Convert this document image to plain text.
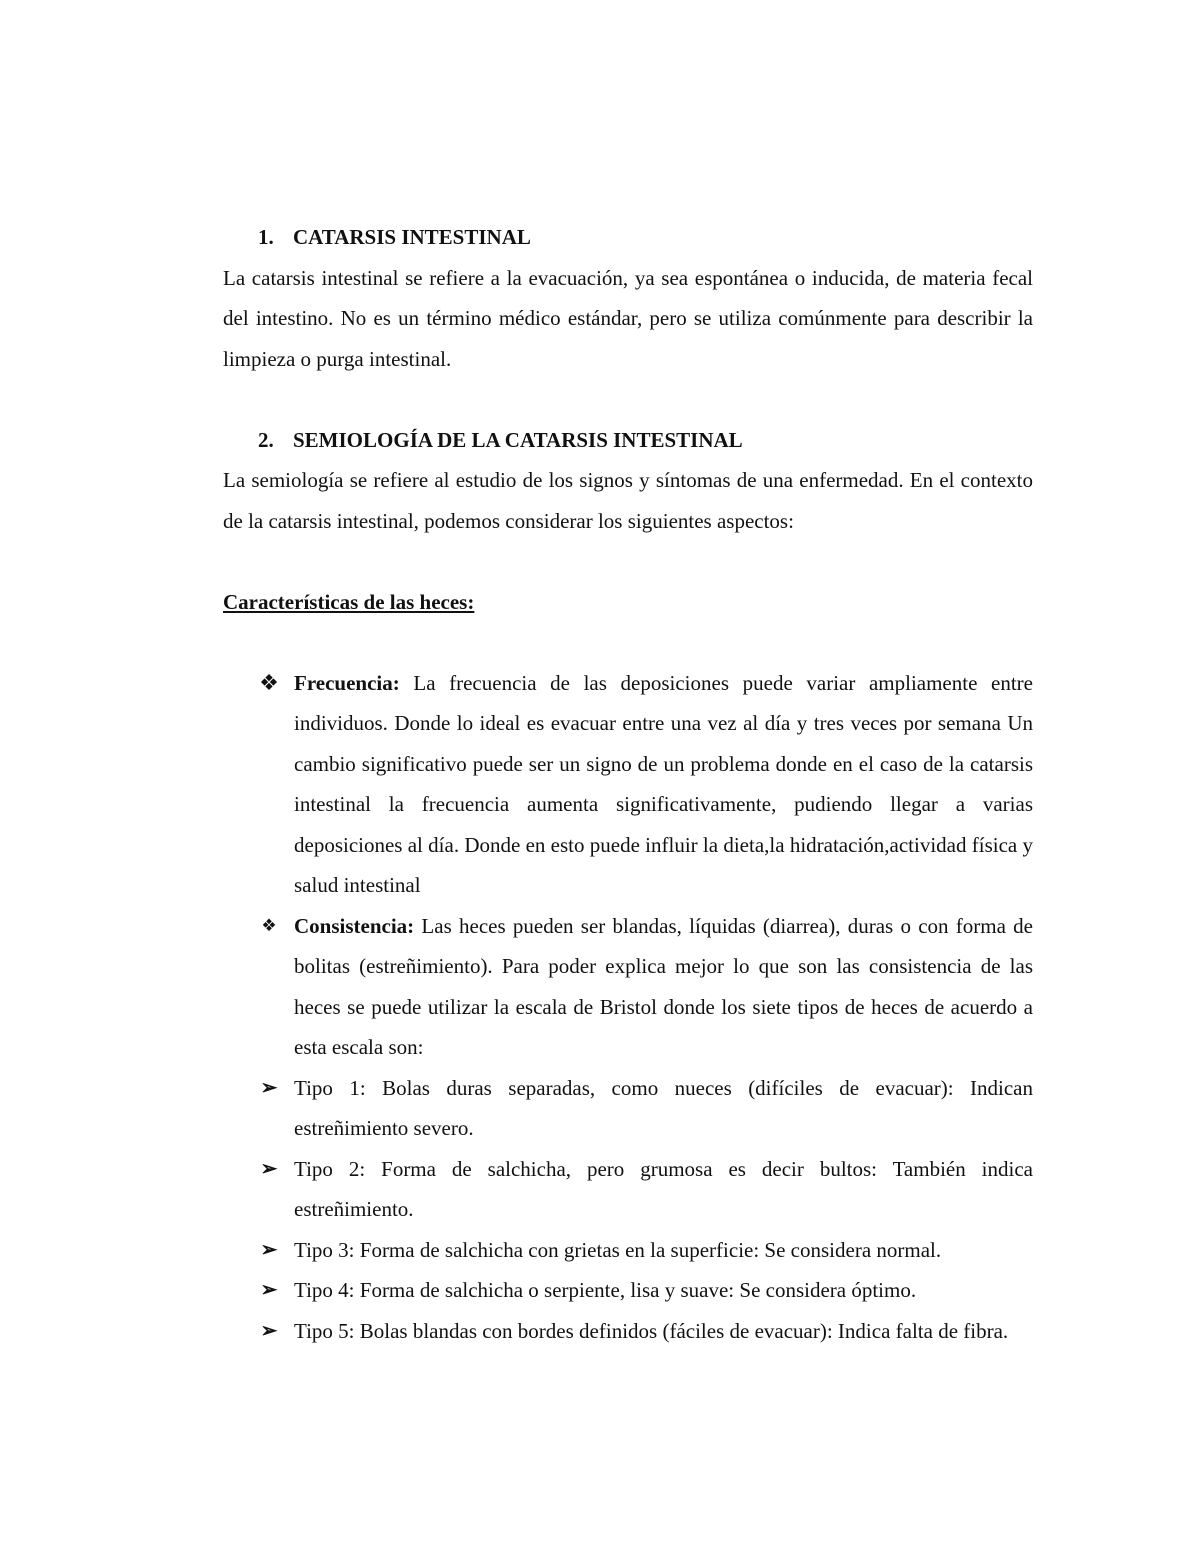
1. CATARSIS INTESTINAL

La catarsis intestinal se refiere a la evacuación, ya sea espontánea o inducida, de materia fecal del intestino. No es un término médico estándar, pero se utiliza comúnmente para describir la limpieza o purga intestinal.

2. SEMIOLOGÍA DE LA CATARSIS INTESTINAL

La semiología se refiere al estudio de los signos y síntomas de una enfermedad. En el contexto de la catarsis intestinal, podemos considerar los siguientes aspectos:

Características de las heces:

❖ Frecuencia: La frecuencia de las deposiciones puede variar ampliamente entre individuos. Donde lo ideal es evacuar entre una vez al día y tres veces por semana Un cambio significativo puede ser un signo de un problema donde en el caso de la catarsis intestinal la frecuencia aumenta significativamente, pudiendo llegar a varias deposiciones al día. Donde en esto puede influir la dieta,la hidratación,actividad física y salud intestinal
❖ Consistencia: Las heces pueden ser blandas, líquidas (diarrea), duras o con forma de bolitas (estreñimiento). Para poder explica mejor lo que son las consistencia de las heces se puede utilizar la escala de Bristol donde los siete tipos de heces de acuerdo a esta escala son:
➢ Tipo 1: Bolas duras separadas, como nueces (difíciles de evacuar): Indican estreñimiento severo.
➢ Tipo 2: Forma de salchicha, pero grumosa es decir bultos: También indica estreñimiento.
➢ Tipo 3: Forma de salchicha con grietas en la superficie: Se considera normal.
➢ Tipo 4: Forma de salchicha o serpiente, lisa y suave: Se considera óptimo.
➢ Tipo 5: Bolas blandas con bordes definidos (fáciles de evacuar): Indica falta de fibra.
